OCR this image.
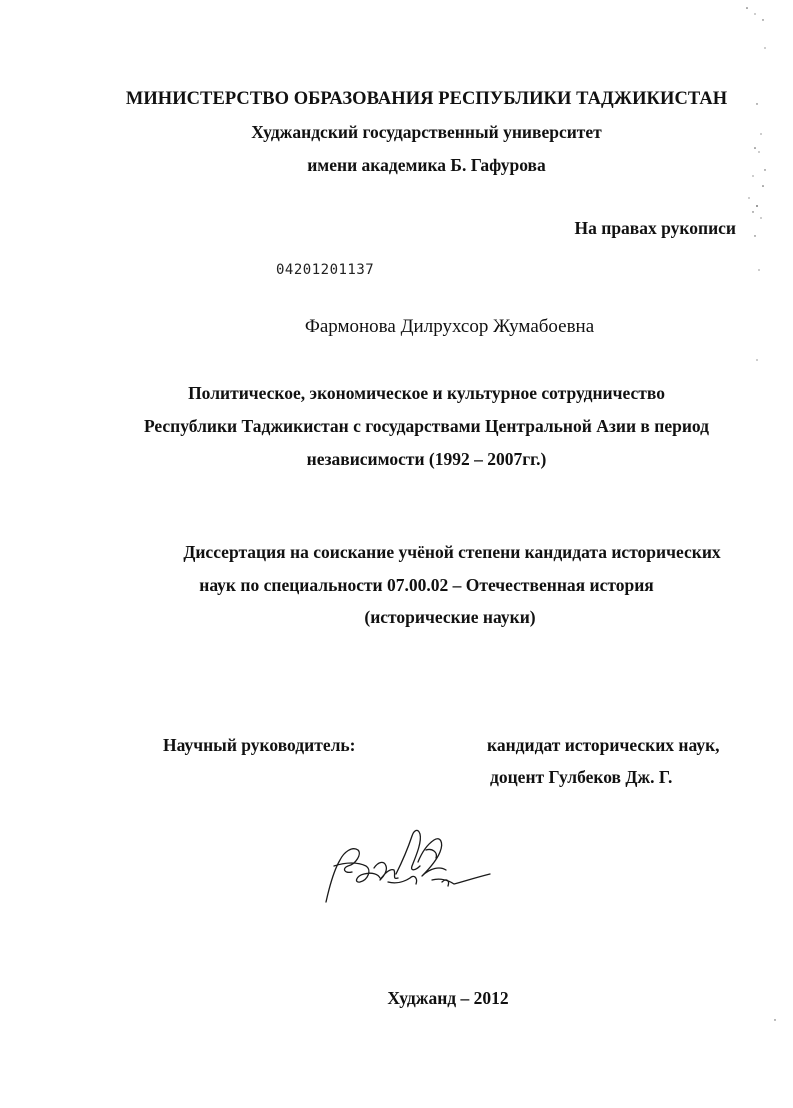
МИНИСТЕРСТВО ОБРАЗОВАНИЯ РЕСПУБЛИКИ ТАДЖИКИСТАН
Худжандский государственный университет
имени академика Б. Гафурова
На правах рукописи
04201201137
Фармонова Дилрухсор Жумабоевна
Политическое, экономическое и культурное сотрудничество
Республики Таджикистан с государствами Центральной Азии в период
независимости (1992 – 2007гг.)
Диссертация на соискание учёной степени кандидата исторических
наук по специальности 07.00.02 – Отечественная история
(исторические науки)
Научный руководитель:	кандидат исторических наук,
доцент Гулбеков Дж. Г.
Худжанд – 2012
